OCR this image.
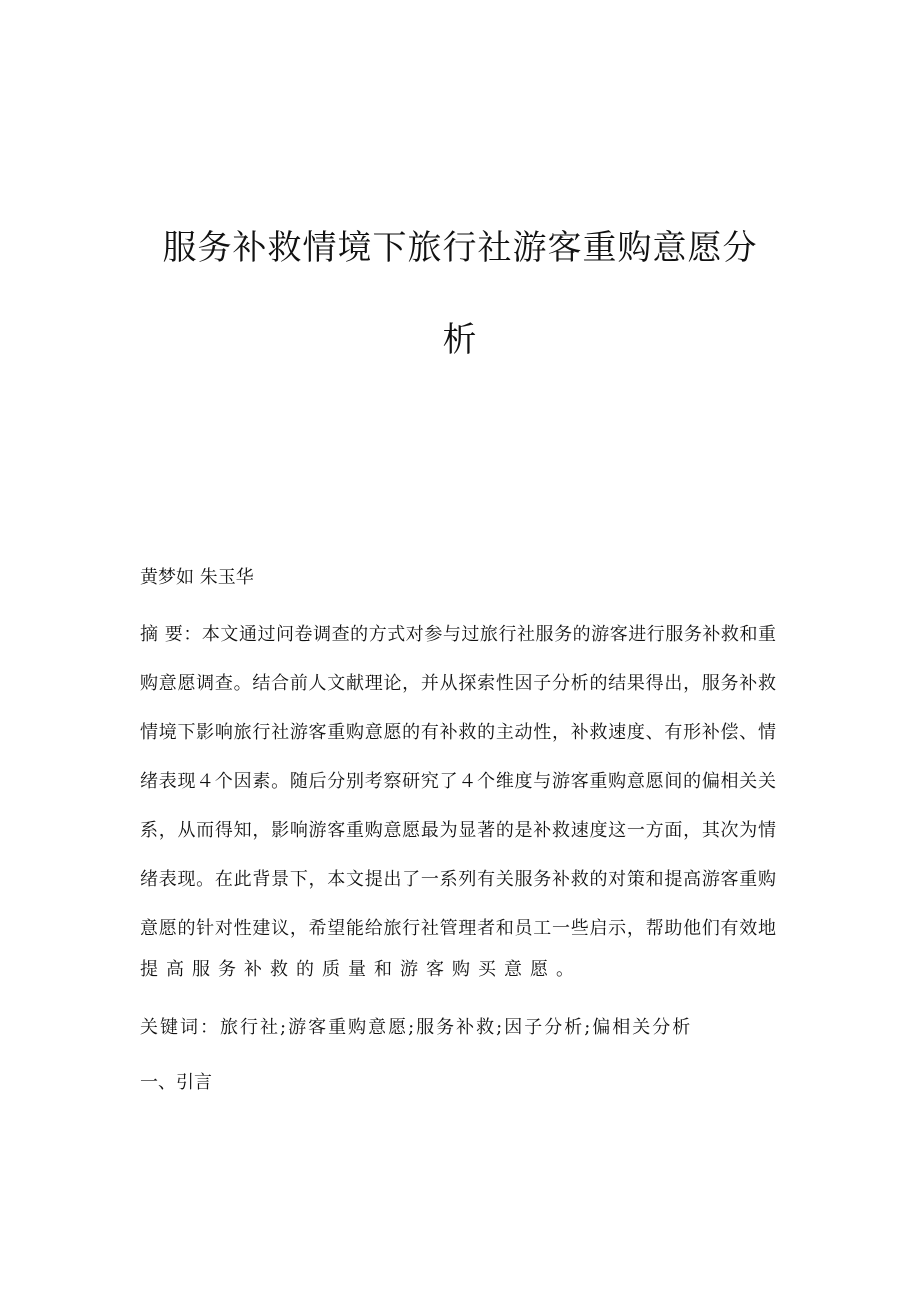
服务补救情境下旅行社游客重购意愿分
析
黄梦如 朱玉华
摘 要：本文通过问卷调查的方式对参与过旅行社服务的游客进行服务补救和重
购意愿调查。结合前人文献理论，并从探索性因子分析的结果得出，服务补救
情境下影响旅行社游客重购意愿的有补救的主动性，补救速度、有形补偿、情
绪表现４个因素。随后分别考察研究了４个维度与游客重购意愿间的偏相关关
系，从而得知，影响游客重购意愿最为显著的是补救速度这一方面，其次为情
绪表现。在此背景下，本文提出了一系列有关服务补救的对策和提高游客重购
意愿的针对性建议，希望能给旅行社管理者和员工一些启示，帮助他们有效地
提高服务补救的质量和游客购买意愿。
关键词：旅行社;游客重购意愿;服务补救;因子分析;偏相关分析
一、引言
